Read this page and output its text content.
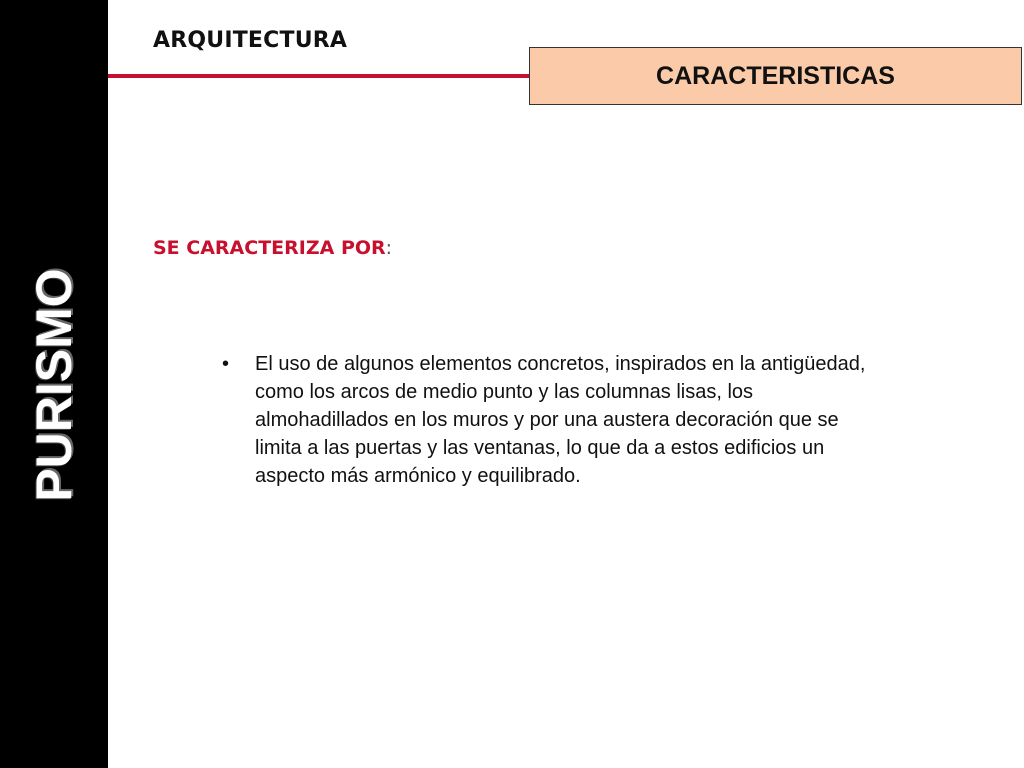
PURISMO
ARQUITECTURA
CARACTERISTICAS
SE CARACTERIZA POR:
• El uso de algunos elementos concretos, inspirados en la antigüedad, como los arcos de medio punto y las columnas lisas, los almohadillados en los muros y por una austera decoración que se limita a las puertas y las ventanas, lo que da a estos edificios un aspecto más armónico y equilibrado.
